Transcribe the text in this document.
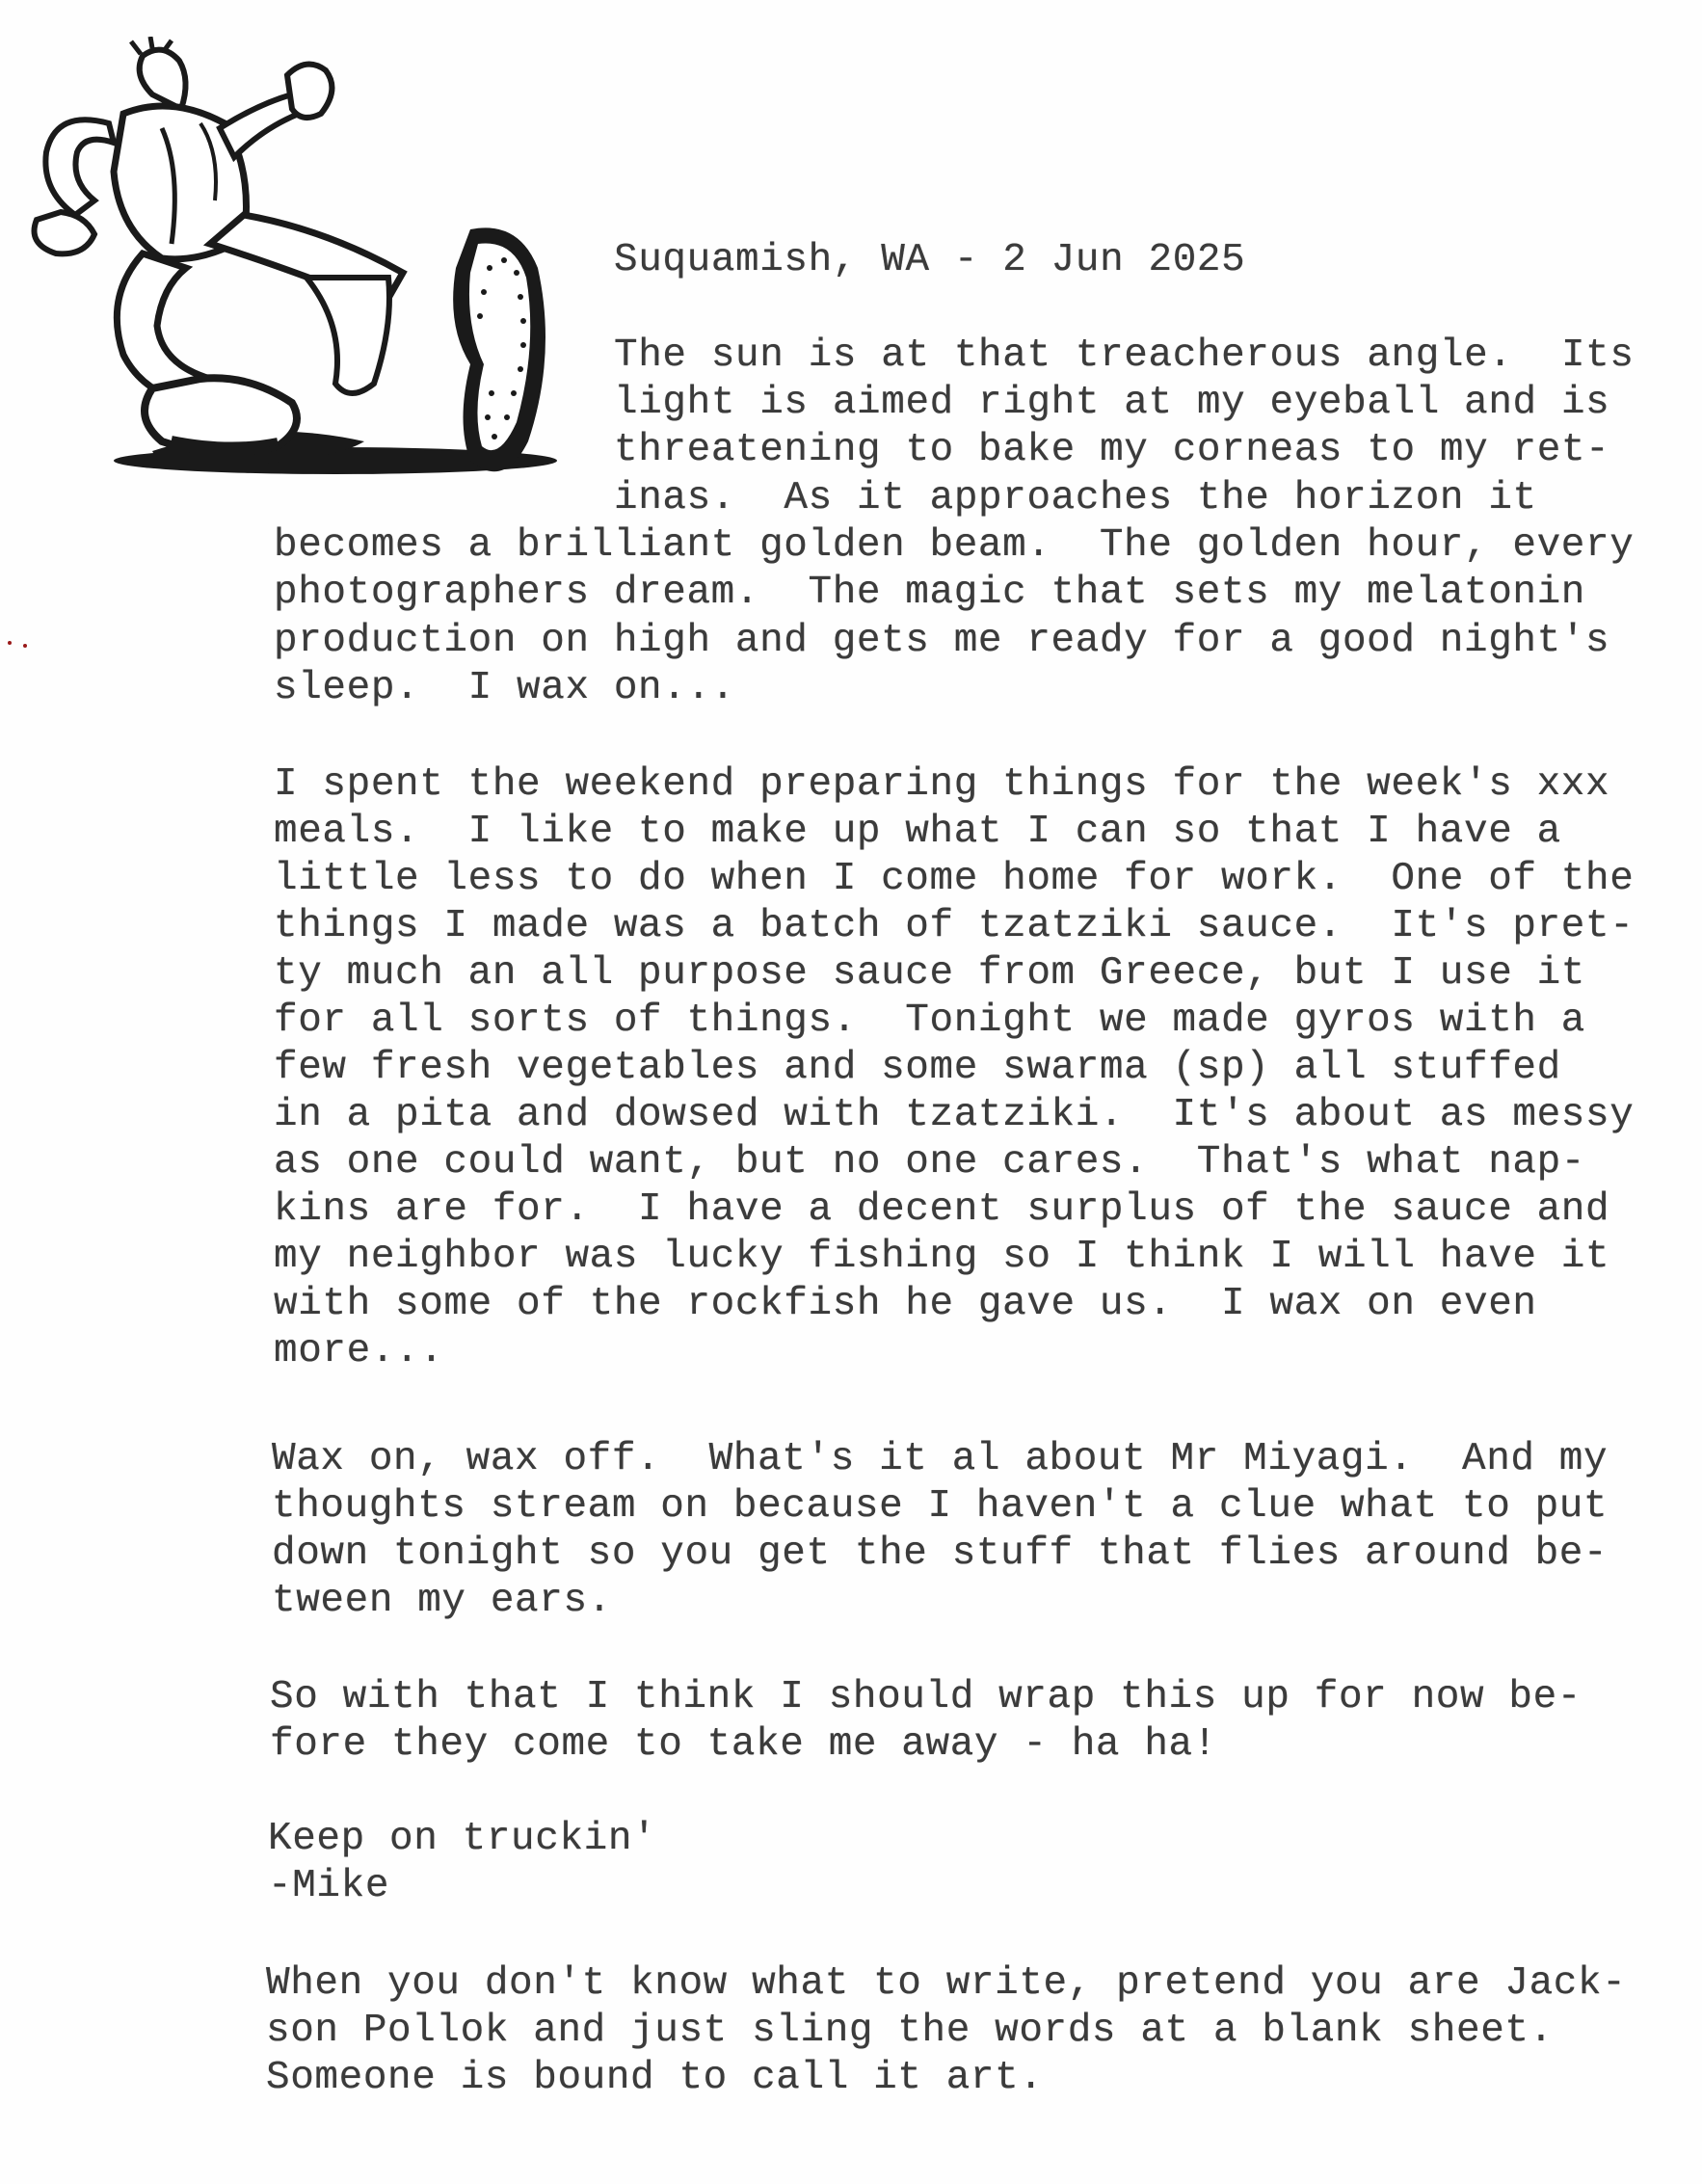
Suquamish, WA - 2 Jun 2025
The sun is at that treacherous angle.  Its
light is aimed right at my eyeball and is
threatening to bake my corneas to my ret-
inas.  As it approaches the horizon it
becomes a brilliant golden beam.  The golden hour, every
photographers dream.  The magic that sets my melatonin
production on high and gets me ready for a good night's
sleep.  I wax on...
I spent the weekend preparing things for the week's xxx
meals.  I like to make up what I can so that I have a
little less to do when I come home for work.  One of the
things I made was a batch of tzatziki sauce.  It's pret-
ty much an all purpose sauce from Greece, but I use it
for all sorts of things.  Tonight we made gyros with a
few fresh vegetables and some swarma (sp) all stuffed
in a pita and dowsed with tzatziki.  It's about as messy
as one could want, but no one cares.  That's what nap-
kins are for.  I have a decent surplus of the sauce and
my neighbor was lucky fishing so I think I will have it
with some of the rockfish he gave us.  I wax on even
more...
Wax on, wax off.  What's it al about Mr Miyagi.  And my
thoughts stream on because I haven't a clue what to put
down tonight so you get the stuff that flies around be-
tween my ears.
So with that I think I should wrap this up for now be-
fore they come to take me away - ha ha!
Keep on truckin'
-Mike
When you don't know what to write, pretend you are Jack-
son Pollok and just sling the words at a blank sheet.
Someone is bound to call it art.
